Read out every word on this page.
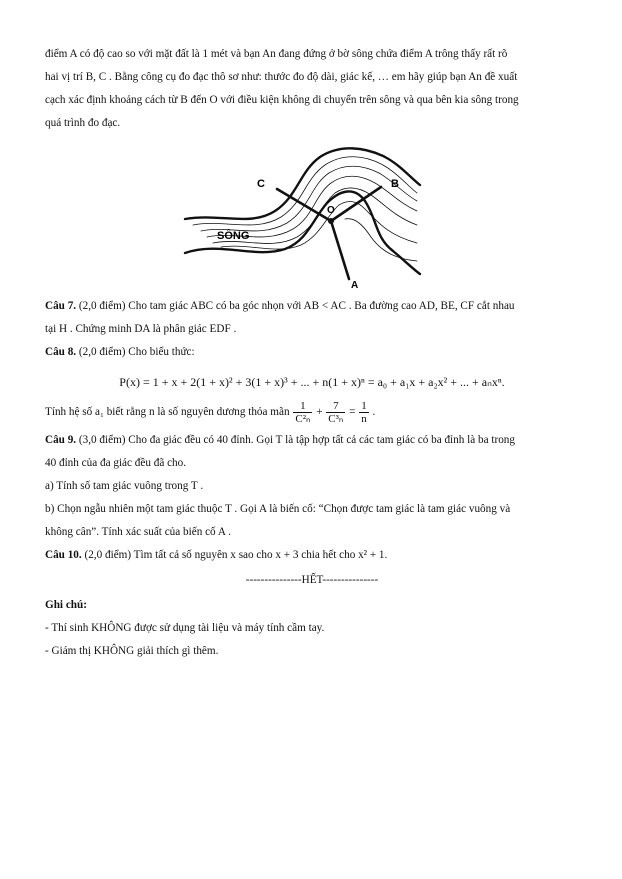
điểm A có độ cao so với mặt đất là 1 mét và bạn An đang đứng ở bờ sông chứa điểm A trông thấy rất rõ

hai vị trí B, C . Bằng công cụ đo đạc thô sơ như: thước đo độ dài, giác kế, … em hãy giúp bạn An đề xuất

cạch xác định khoảng cách từ B đến O với điều kiện không di chuyển trên sông và qua bên kia sông trong

quá trình đo đạc.

C	B
O
A
SÔNG

Câu 7. (2,0 điểm) Cho tam giác ABC có ba góc nhọn với AB < AC . Ba đường cao AD, BE, CF cắt nhau

tại H . Chứng minh DA là phân giác EDF .

Câu 8. (2,0 điểm) Cho biểu thức:

P(x) = 1 + x + 2(1 + x)² + 3(1 + x)³ + ... + n(1 + x)ⁿ = a₀ + a₁x + a₂x² + ... + aₙxⁿ.

Tính hệ số a₁ biết rằng n là số nguyên dương thỏa mãn $\frac{1}{\text{C²ₙ}} + \frac{7}{\text{C³ₙ}} = \frac{1}{n}$ .

Câu 9. (3,0 điểm) Cho đa giác đều có 40 đỉnh. Gọi T là tập hợp tất cả các tam giác có ba đỉnh là ba trong

40 đỉnh của đa giác đều đã cho.

a) Tính số tam giác vuông trong T .

b) Chọn ngẫu nhiên một tam giác thuộc T . Gọi A là biến cố: “Chọn được tam giác là tam giác vuông và

không cân”. Tính xác suất của biến cố A .

Câu 10. (2,0 điểm) Tìm tất cả số nguyên x sao cho x + 3 chia hết cho x² + 1.

---------------HẾT---------------

Ghi chú:

- Thí sinh KHÔNG được sử dụng tài liệu và máy tính cầm tay.

- Giám thị KHÔNG giải thích gì thêm.
